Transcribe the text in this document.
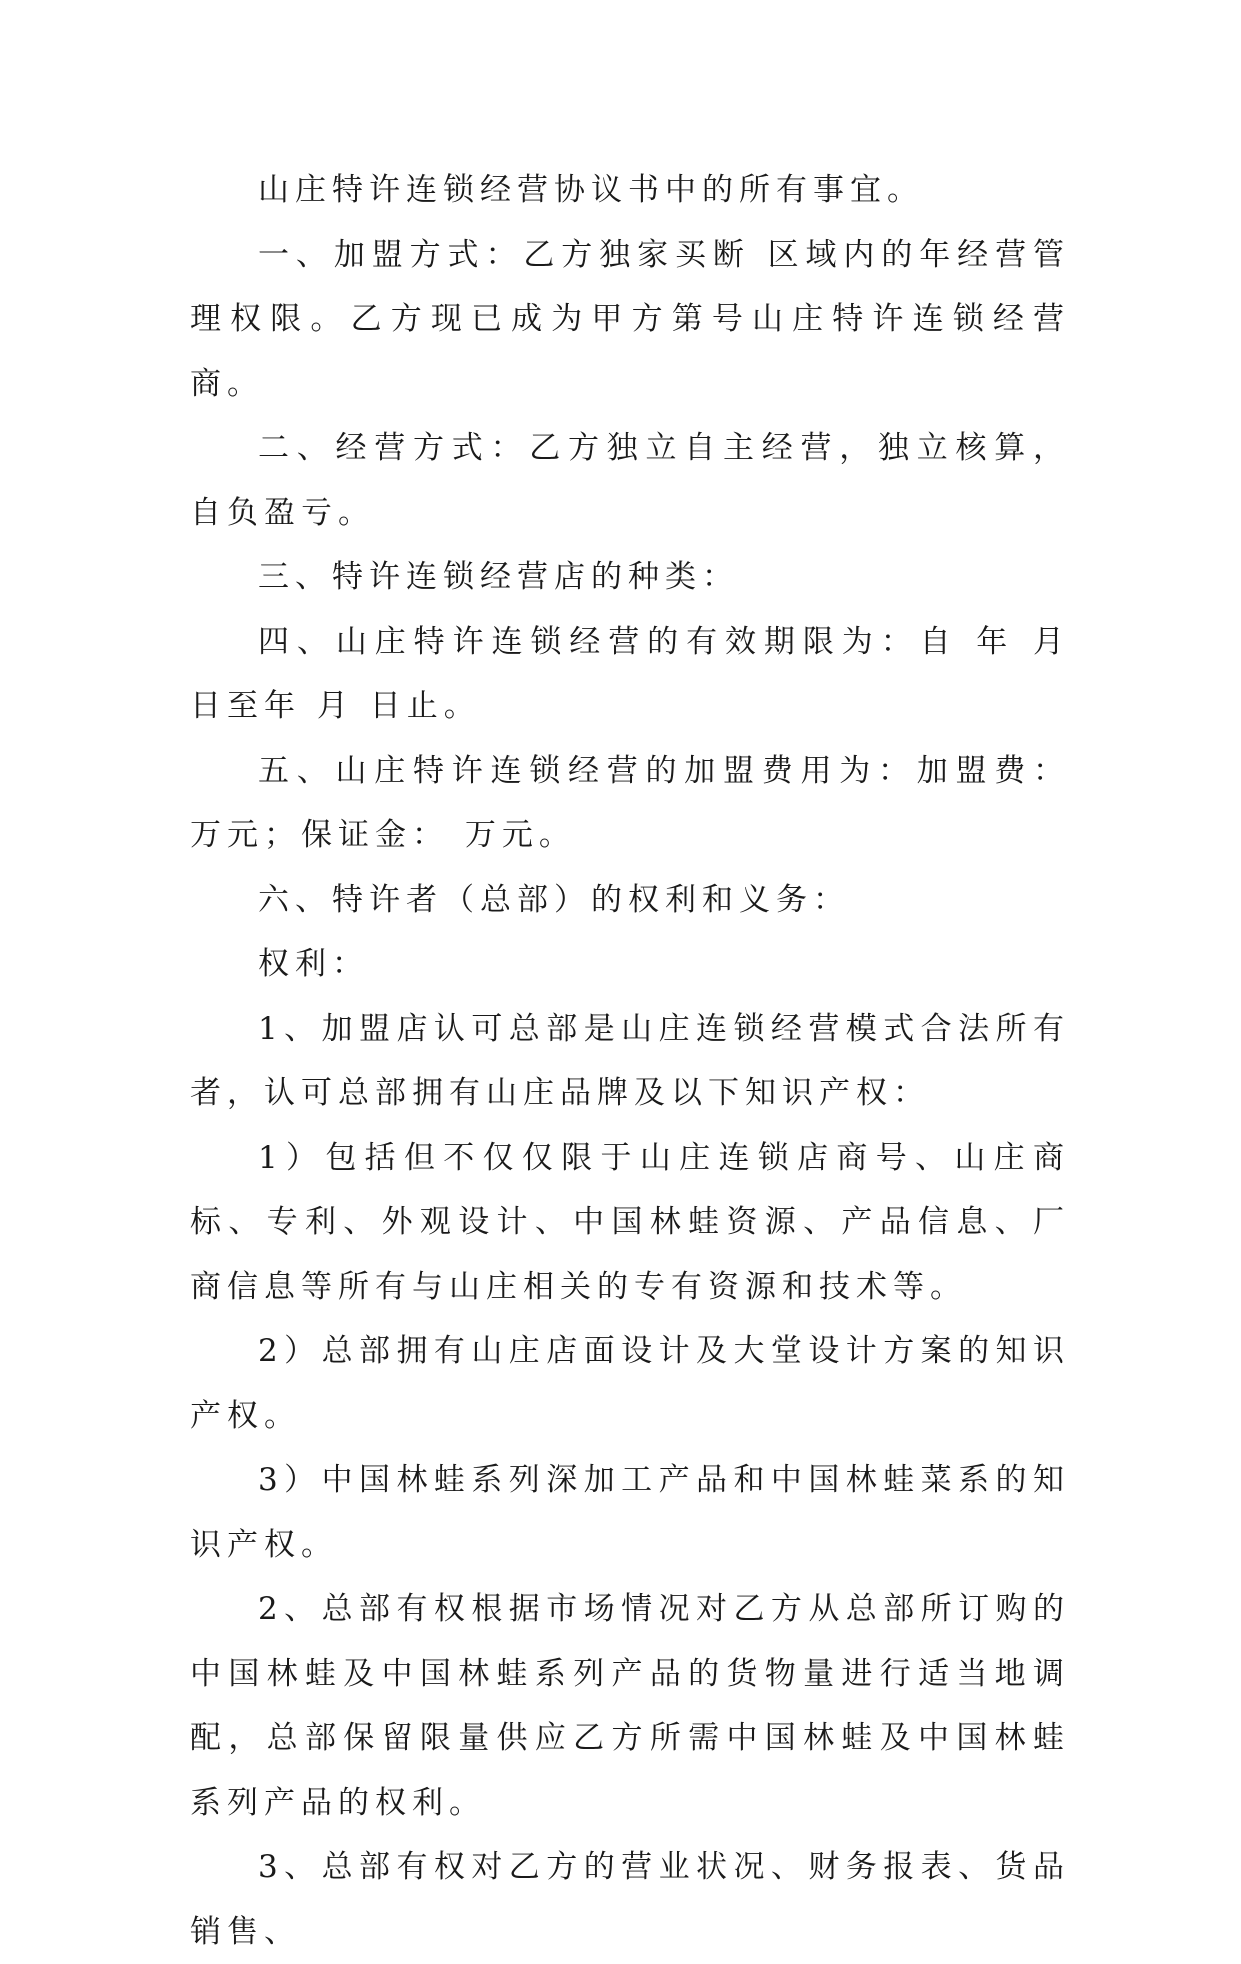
山庄特许连锁经营协议书中的所有事宜。

一、加盟方式：乙方独家买断 区域内的年经营管理权限。乙方现已成为甲方第号山庄特许连锁经营商。

二、经营方式：乙方独立自主经营，独立核算，自负盈亏。

三、特许连锁经营店的种类：

四、山庄特许连锁经营的有效期限为：自 年 月 日至年 月 日止。

五、山庄特许连锁经营的加盟费用为：加盟费： 万元；保证金： 万元。

六、特许者（总部）的权利和义务：

权利：

1、加盟店认可总部是山庄连锁经营模式合法所有者，认可总部拥有山庄品牌及以下知识产权：

1）包括但不仅仅限于山庄连锁店商号、山庄商标、专利、外观设计、中国林蛙资源、产品信息、厂商信息等所有与山庄相关的专有资源和技术等。

2）总部拥有山庄店面设计及大堂设计方案的知识产权。

3）中国林蛙系列深加工产品和中国林蛙菜系的知识产权。

2、总部有权根据市场情况对乙方从总部所订购的中国林蛙及中国林蛙系列产品的货物量进行适当地调配，总部保留限量供应乙方所需中国林蛙及中国林蛙系列产品的权利。

3、总部有权对乙方的营业状况、财务报表、货品销售、
